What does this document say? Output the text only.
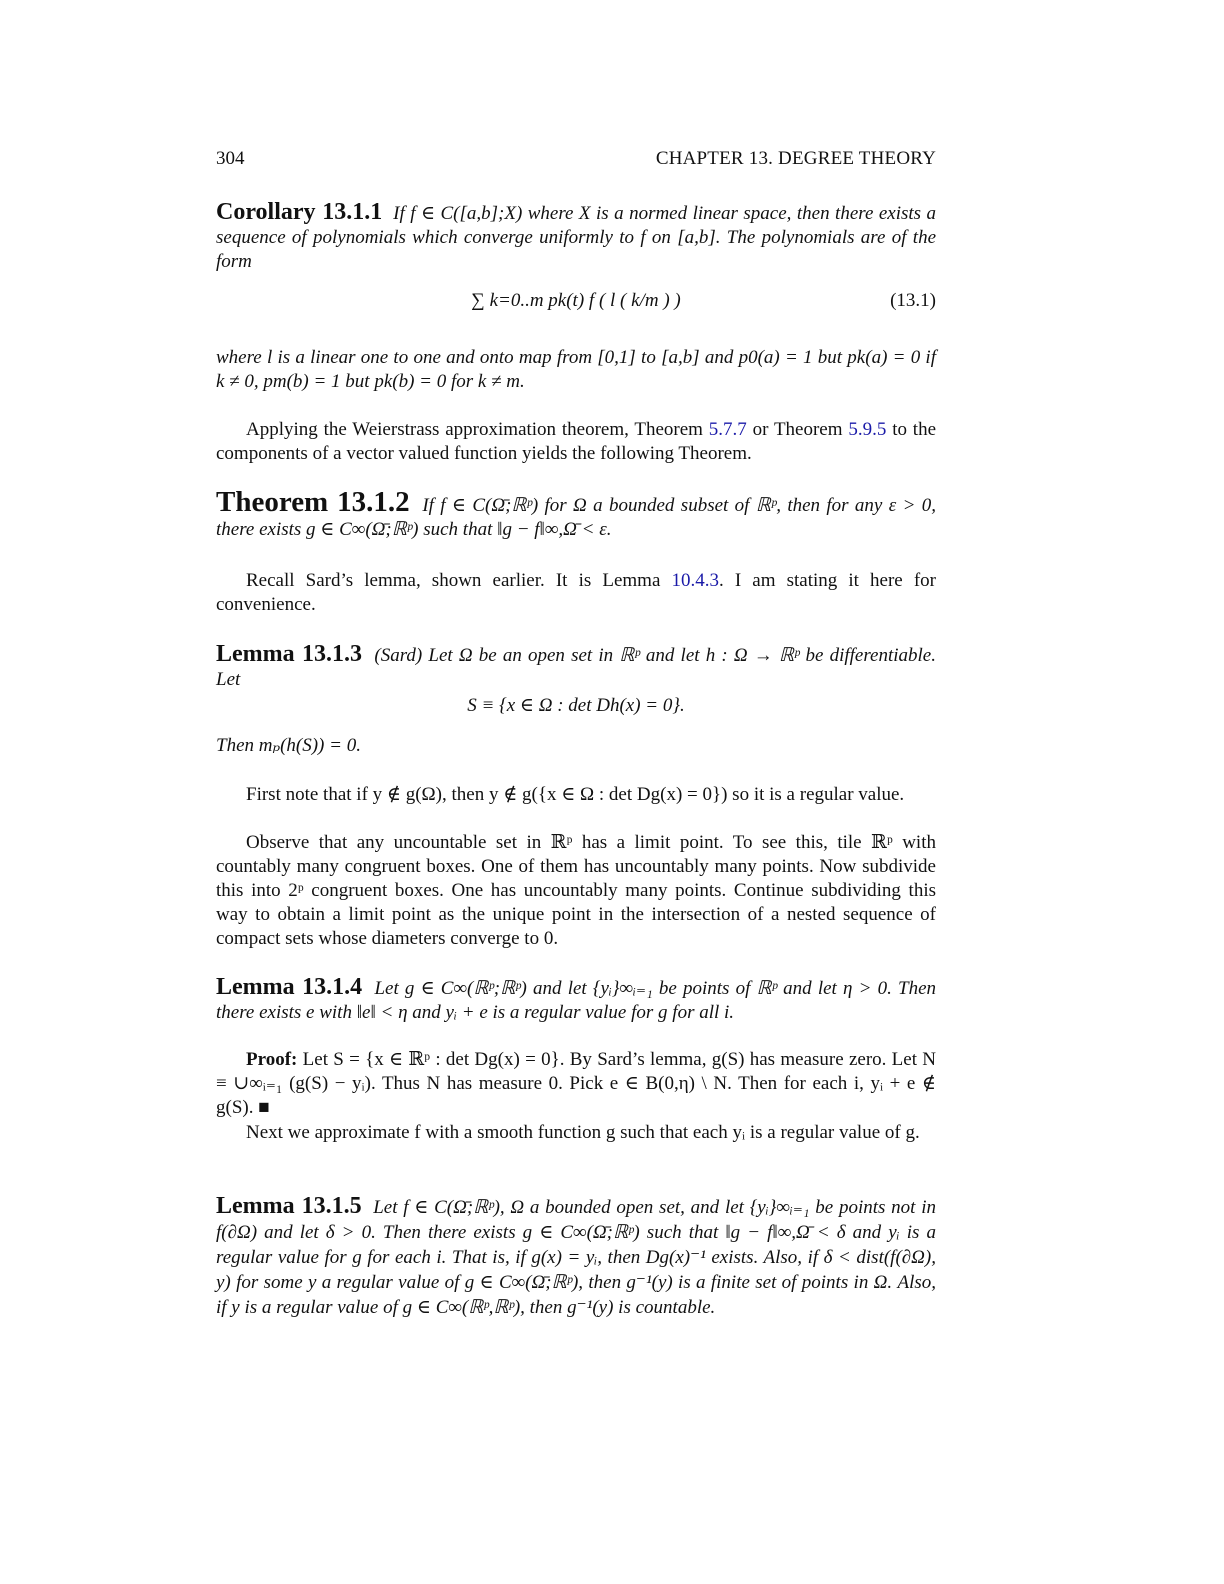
304	CHAPTER 13. DEGREE THEORY
Corollary 13.1.1 If f ∈ C([a,b];X) where X is a normed linear space, then there exists a sequence of polynomials which converge uniformly to f on [a,b]. The polynomials are of the form
∑ k=0..m pk(t) f ( l ( k/m ) )	(13.1)
where l is a linear one to one and onto map from [0,1] to [a,b] and p0(a) = 1 but pk(a) = 0 if k ≠ 0, pm(b) = 1 but pk(b) = 0 for k ≠ m.
Applying the Weierstrass approximation theorem, Theorem 5.7.7 or Theorem 5.9.5 to the components of a vector valued function yields the following Theorem.
Theorem 13.1.2 If f ∈ C(Ω̄;ℝᵖ) for Ω a bounded subset of ℝᵖ, then for any ε > 0, there exists g ∈ C∞(Ω̄;ℝᵖ) such that ‖g − f‖∞,Ω̄ < ε.
Recall Sard’s lemma, shown earlier. It is Lemma 10.4.3. I am stating it here for convenience.
Lemma 13.1.3 (Sard) Let Ω be an open set in ℝᵖ and let h : Ω → ℝᵖ be differentiable. Let
S ≡ {x ∈ Ω : det Dh(x) = 0}.
Then mₚ(h(S)) = 0.
First note that if y ∉ g(Ω), then y ∉ g({x ∈ Ω : det Dg(x) = 0}) so it is a regular value.
Observe that any uncountable set in ℝᵖ has a limit point. To see this, tile ℝᵖ with countably many congruent boxes. One of them has uncountably many points. Now subdivide this into 2ᵖ congruent boxes. One has uncountably many points. Continue subdividing this way to obtain a limit point as the unique point in the intersection of a nested sequence of compact sets whose diameters converge to 0.
Lemma 13.1.4 Let g ∈ C∞(ℝᵖ;ℝᵖ) and let {yᵢ}∞ᵢ₌₁ be points of ℝᵖ and let η > 0. Then there exists e with ‖e‖ < η and yᵢ + e is a regular value for g for all i.
Proof: Let S = {x ∈ ℝᵖ : det Dg(x) = 0}. By Sard’s lemma, g(S) has measure zero. Let N ≡ ∪∞ᵢ₌₁ (g(S) − yᵢ). Thus N has measure 0. Pick e ∈ B(0,η) \ N. Then for each i, yᵢ + e ∉ g(S). ■
Next we approximate f with a smooth function g such that each yᵢ is a regular value of g.
Lemma 13.1.5 Let f ∈ C(Ω̄;ℝᵖ), Ω a bounded open set, and let {yᵢ}∞ᵢ₌₁ be points not in f(∂Ω) and let δ > 0. Then there exists g ∈ C∞(Ω̄;ℝᵖ) such that ‖g − f‖∞,Ω̄ < δ and yᵢ is a regular value for g for each i. That is, if g(x) = yᵢ, then Dg(x)⁻¹ exists. Also, if δ < dist(f(∂Ω), y) for some y a regular value of g ∈ C∞(Ω̄;ℝᵖ), then g⁻¹(y) is a finite set of points in Ω. Also, if y is a regular value of g ∈ C∞(ℝᵖ,ℝᵖ), then g⁻¹(y) is countable.
